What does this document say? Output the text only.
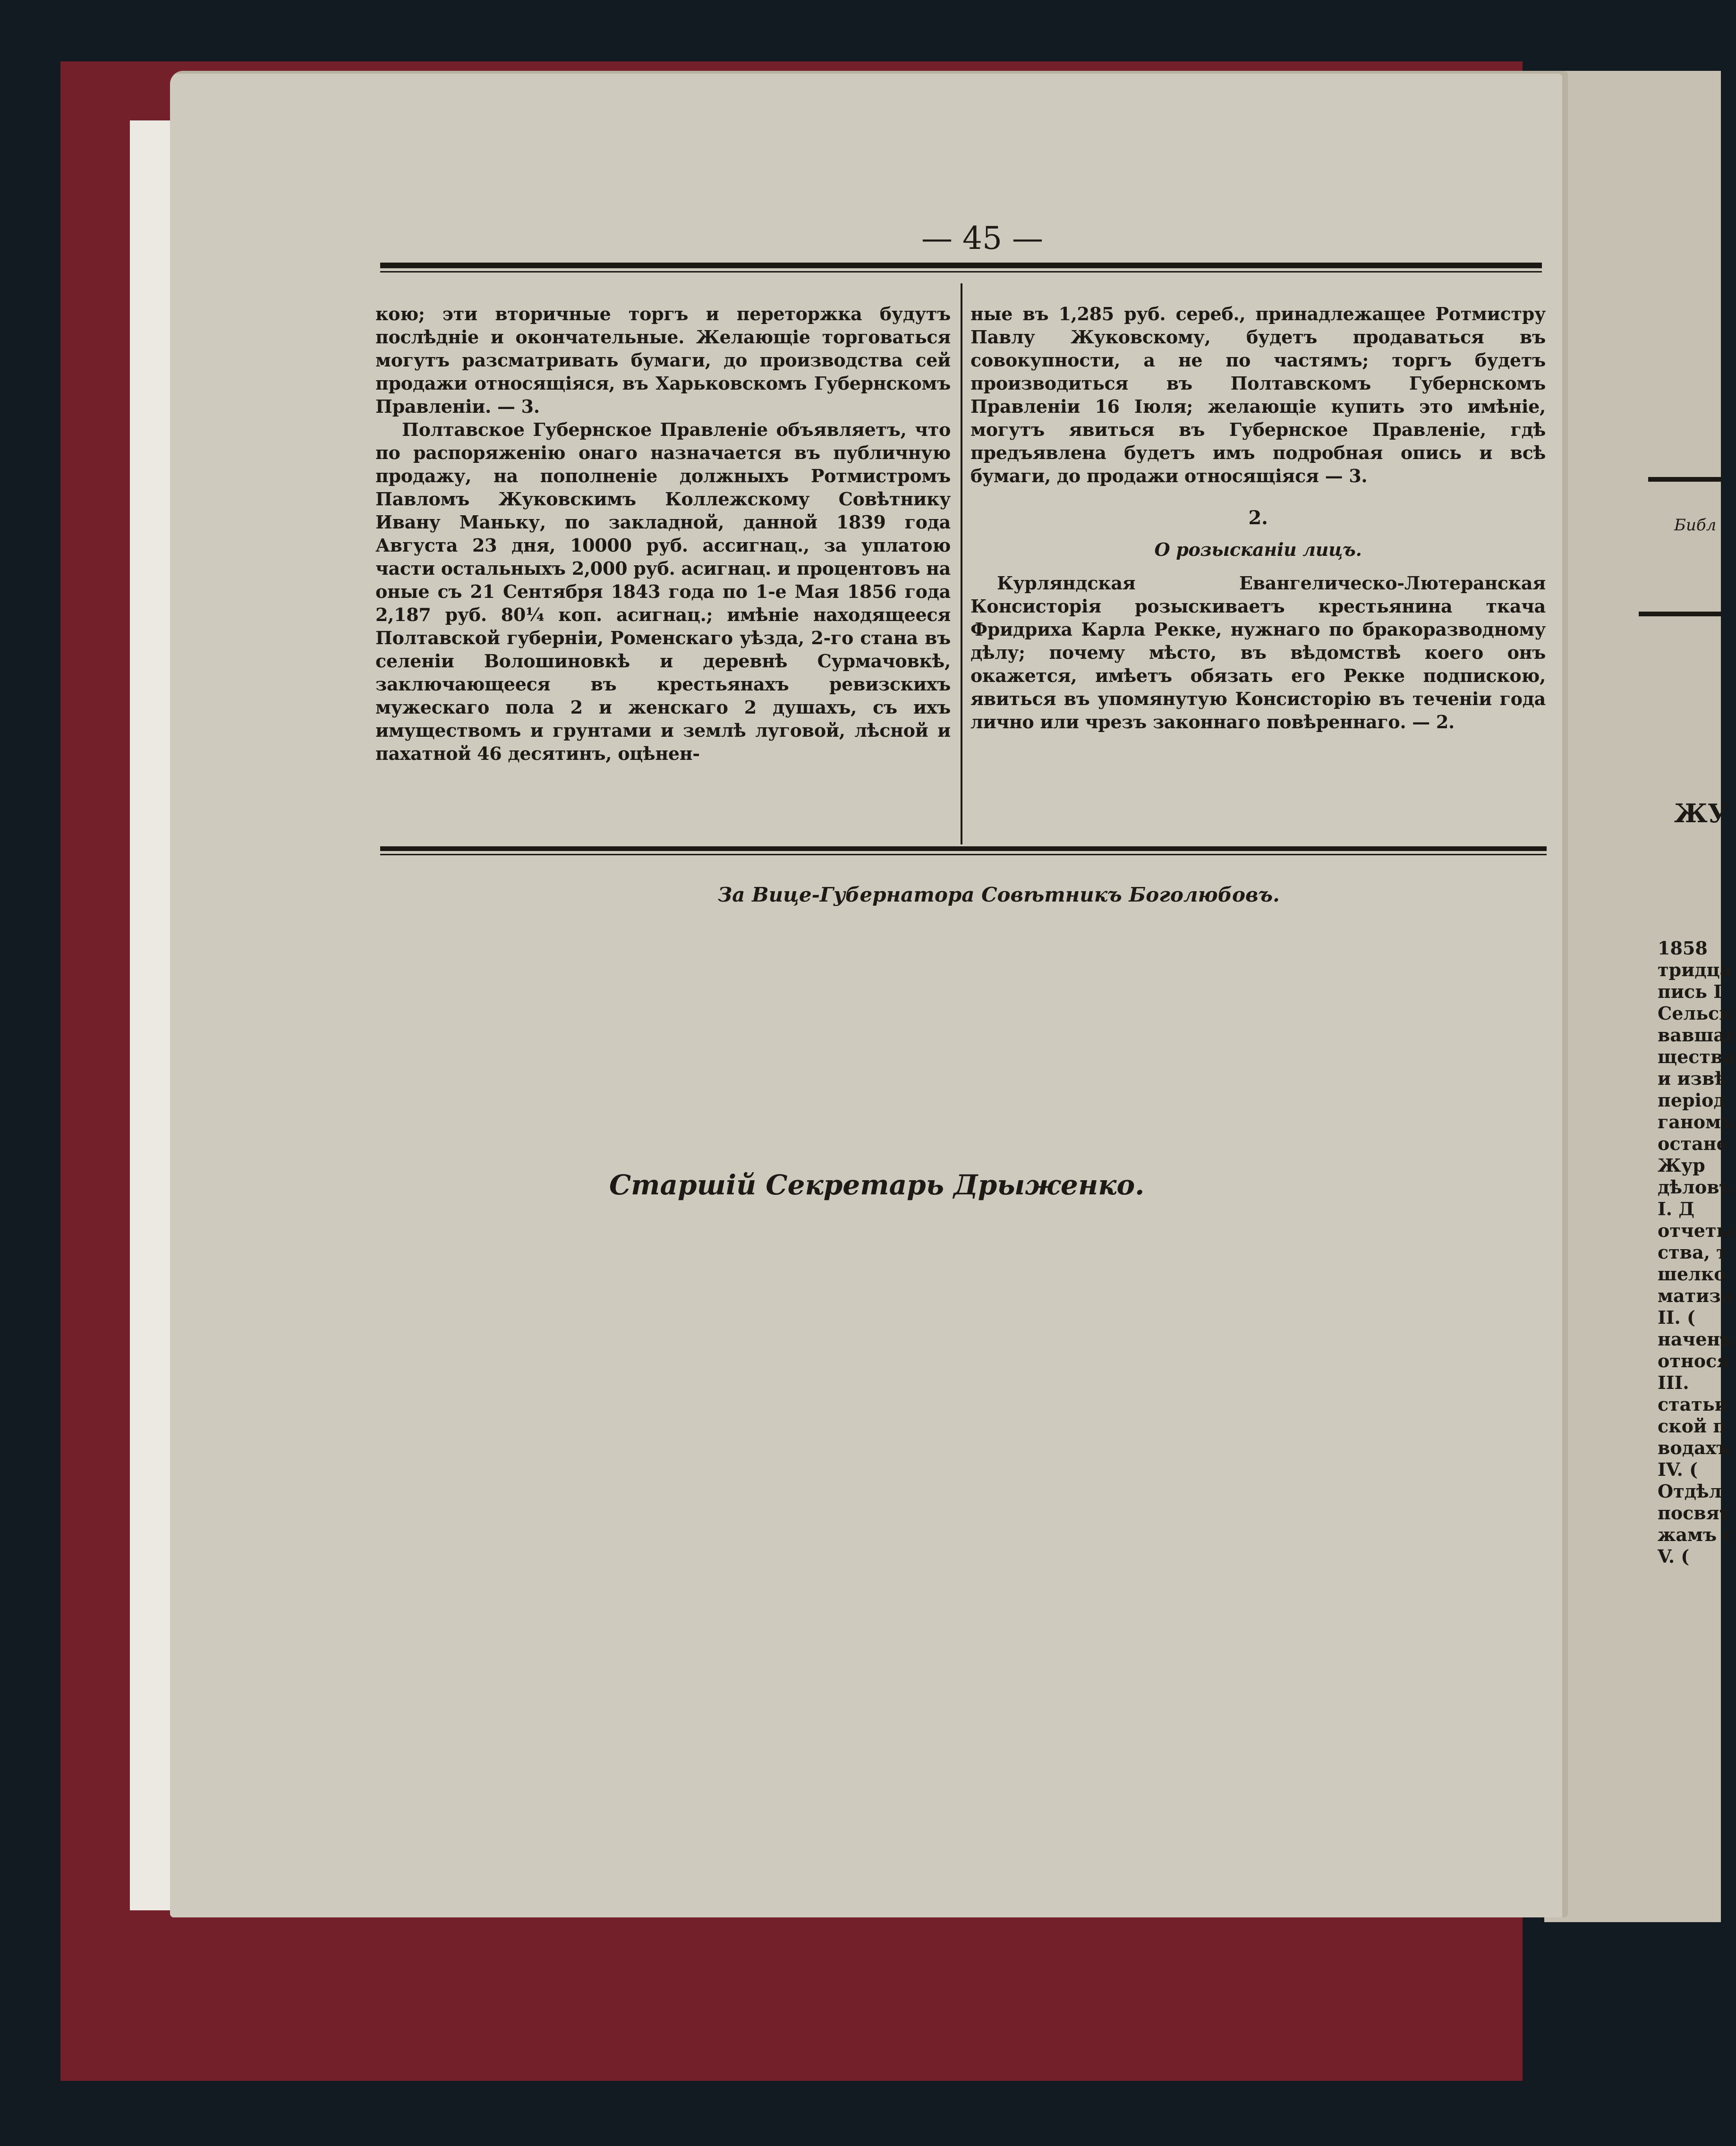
— 45 —

кою; эти вторичные торгъ и переторжка будутъ послѣдніе и окончательные. Желающіе торговаться могутъ разсматривать бумаги, до производства сей продажи относящіяся, въ Харьковскомъ Губернскомъ Правленіи. — 3.

Полтавское Губернское Правленіе объявляетъ, что по распоряженію онаго назначается въ публичную продажу, на пополненіе должныхъ Ротмистромъ Павломъ Жуковскимъ Коллежскому Совѣтнику Ивану Маньку, по закладной, данной 1839 года Августа 23 дня, 10000 руб. ассигнац., за уплатою части остальныхъ 2,000 руб. асигнац. и процентовъ на оные съ 21 Сентября 1843 года по 1-е Мая 1856 года 2,187 руб. 80¼ коп. асигнац.; имѣніе находящееся Полтавской губерніи, Роменскаго уѣзда, 2-го стана въ селеніи Волошиновкѣ и деревнѣ Сурмачовкѣ, заключающееся въ крестьянахъ ревизскихъ мужескаго пола 2 и женскаго 2 душахъ, съ ихъ имуществомъ и грунтами и землѣ луговой, лѣсной и пахатной 46 десятинъ, оцѣнен-

ные въ 1,285 руб. сереб., принадлежащее Ротмистру Павлу Жуковскому, будетъ продаваться въ совокупности, а не по частямъ; торгъ будетъ производиться въ Полтавскомъ Губернскомъ Правленіи 16 Іюля; желающіе купить это имѣніе, могутъ явиться въ Губернское Правленіе, гдѣ предъявлена будетъ имъ подробная опись и всѣ бумаги, до продажи относящіяся — 3.

2.

О розысканіи лицъ.

Курляндская Евангелическо-Лютеранская Консисторія розыскиваетъ крестьянина ткача Фридриха Карла Рекке, нужнаго по бракоразводному дѣлу; почему мѣсто, въ вѣдомствѣ коего онъ окажется, имѣетъ обязать его Рекке подпискою, явиться въ упомянутую Консисторію въ теченіи года лично или чрезъ законнаго повѣреннаго. — 2.

За Вице-Губернатора Совѣтникъ Боголюбовъ.
Старшій Секретарь Дрыженко.
Библ
ЖУ
1858
тридца
пись І
Сельск
вавшаг
щества
и извѣ
період
ганомъ
остане
Жур
дѣловъ
І. Д
отчеты
ства, т
шелко
матиза
II. (
наченъ
относя
III.
статьи
ской п
водахъ
IV. (
Отдѣл
посвят
жамъ с
V. (
